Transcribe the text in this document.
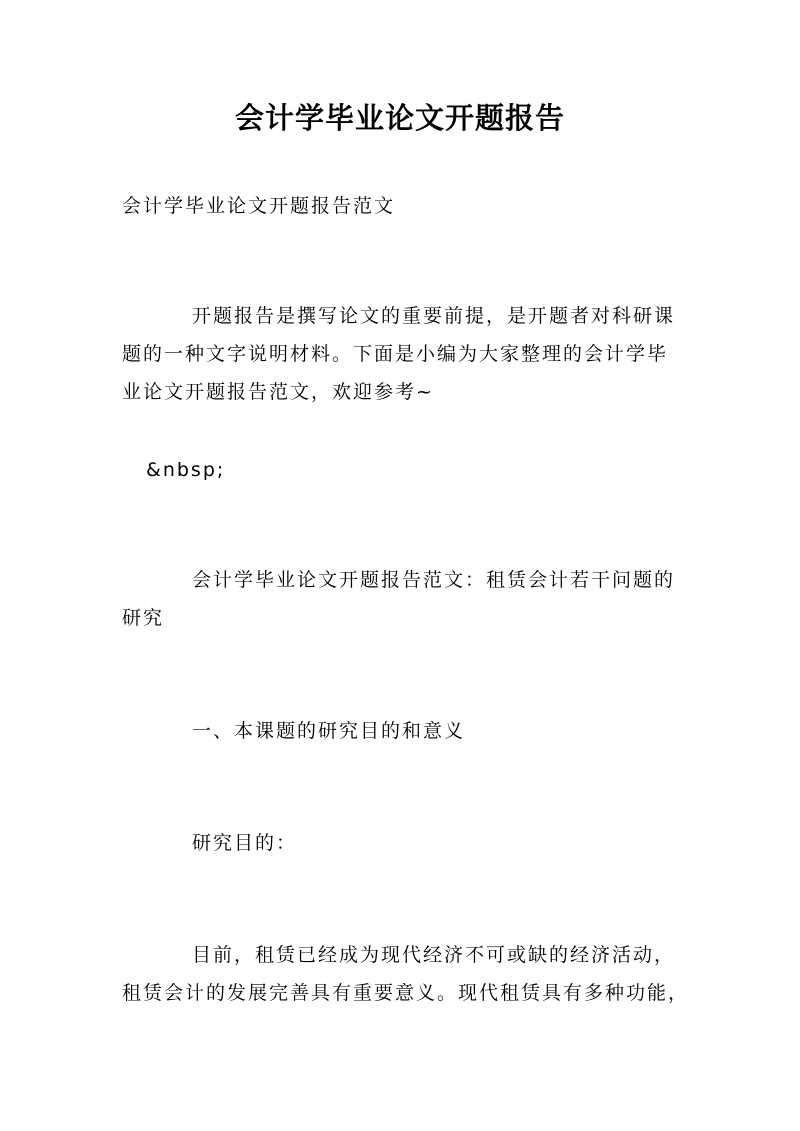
会计学毕业论文开题报告

会计学毕业论文开题报告范文

开题报告是撰写论文的重要前提，是开题者对科研课
题的一种文字说明材料。下面是小编为大家整理的会计学毕
业论文开题报告范文，欢迎参考~

&nbsp;

会计学毕业论文开题报告范文：租赁会计若干问题的
研究

一、本课题的研究目的和意义

研究目的：

目前，租赁已经成为现代经济不可或缺的经济活动，
租赁会计的发展完善具有重要意义。现代租赁具有多种功能，
